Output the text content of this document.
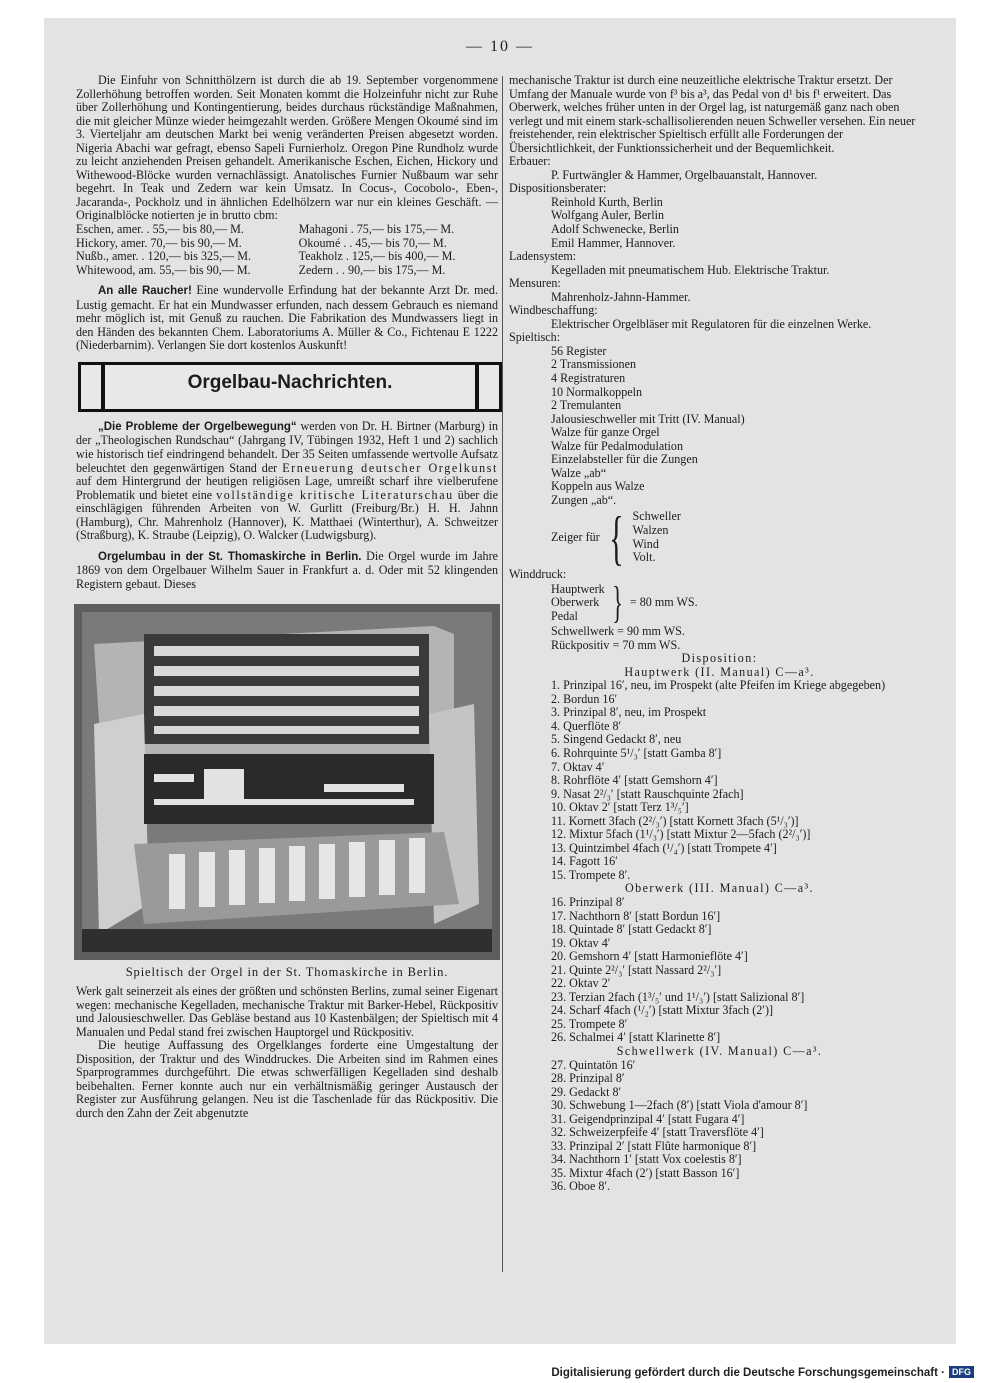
— 10 —

Die Einfuhr von Schnitthölzern ist durch die ab 19. September vorgenommene Zollerhöhung betroffen worden. Seit Monaten kommt die Holzeinfuhr nicht zur Ruhe über Zollerhöhung und Kontingentierung, beides durchaus rückständige Maßnahmen, die mit gleicher Münze wieder heimgezahlt werden. Größere Mengen Okoumé sind im 3. Vierteljahr am deutschen Markt bei wenig veränderten Preisen abgesetzt worden. Nigeria Abachi war gefragt, ebenso Sapeli Furnierholz. Oregon Pine Rundholz wurde zu leicht anziehenden Preisen gehandelt. Amerikanische Eschen, Eichen, Hickory und Withewood-Blöcke wurden vernachlässigt. Anatolisches Furnier Nußbaum war sehr begehrt. In Teak und Zedern war kein Umsatz. In Cocus-, Cocobolo-, Eben-, Jacaranda-, Pockholz und in ähnlichen Edelhölzern war nur ein kleines Geschäft. — Originalblöcke notierten je in brutto cbm:

Eschen, amer. . 55,— bis 80,— M.	Mahagoni . 75,— bis 175,— M.
Hickory, amer. 70,— bis 90,— M.	Okoumé . . 45,— bis 70,— M.
Nußb., amer. . 120,— bis 325,— M.	Teakholz . 125,— bis 400,— M.
Whitewood, am. 55,— bis 90,— M.	Zedern . . 90,— bis 175,— M.

An alle Raucher! Eine wundervolle Erfindung hat der bekannte Arzt Dr. med. Lustig gemacht. Er hat ein Mundwasser erfunden, nach dessem Gebrauch es niemand mehr möglich ist, mit Genuß zu rauchen. Die Fabrikation des Mundwassers liegt in den Händen des bekannten Chem. Laboratoriums A. Müller & Co., Fichtenau E 1222 (Niederbarnim). Verlangen Sie dort kostenlos Auskunft!

Orgelbau-Nachrichten.

„Die Probleme der Orgelbewegung“ werden von Dr. H. Birtner (Marburg) in der „Theologischen Rundschau“ (Jahrgang IV, Tübingen 1932, Heft 1 und 2) sachlich wie historisch tief eindringend behandelt. Der 35 Seiten umfassende wertvolle Aufsatz beleuchtet den gegenwärtigen Stand der Erneuerung deutscher Orgelkunst auf dem Hintergrund der heutigen religiösen Lage, umreißt scharf ihre vielberufene Problematik und bietet eine vollständige kritische Literaturschau über die einschlägigen führenden Arbeiten von W. Gurlitt (Freiburg/Br.) H. H. Jahnn (Hamburg), Chr. Mahrenholz (Hannover), K. Matthaei (Winterthur), A. Schweitzer (Straßburg), K. Straube (Leipzig), O. Walcker (Ludwigsburg).

Orgelumbau in der St. Thomaskirche in Berlin. Die Orgel wurde im Jahre 1869 von dem Orgelbauer Wilhelm Sauer in Frankfurt a. d. Oder mit 52 klingenden Registern gebaut. Dieses

Spieltisch der Orgel in der St. Thomaskirche in Berlin.

Werk galt seinerzeit als eines der größten und schönsten Berlins, zumal seiner Eigenart wegen: mechanische Kegelladen, mechanische Traktur mit Barker-Hebel, Rückpositiv und Jalousieschweller. Das Gebläse bestand aus 10 Kastenbälgen; der Spieltisch mit 4 Manualen und Pedal stand frei zwischen Hauptorgel und Rückpositiv.

Die heutige Auffassung des Orgelklanges forderte eine Umgestaltung der Disposition, der Traktur und des Winddruckes. Die Arbeiten sind im Rahmen eines Sparprogrammes durchgeführt. Die etwas schwerfälligen Kegelladen sind deshalb beibehalten. Ferner konnte auch nur ein verhältnismäßig geringer Austausch der Register zur Ausführung gelangen. Neu ist die Taschenlade für das Rückpositiv. Die durch den Zahn der Zeit abgenutzte

mechanische Traktur ist durch eine neuzeitliche elektrische Traktur ersetzt. Der Umfang der Manuale wurde von f³ bis a³, das Pedal von d¹ bis f¹ erweitert. Das Oberwerk, welches früher unten in der Orgel lag, ist naturgemäß ganz nach oben verlegt und mit einem stark-schallisolierenden neuen Schweller versehen. Ein neuer freistehender, rein elektrischer Spieltisch erfüllt alle Forderungen der Übersichtlichkeit, der Funktionssicherheit und der Bequemlichkeit.

Erbauer:

P. Furtwängler & Hammer, Orgelbauanstalt, Hannover.

Dispositionsberater:

Reinhold Kurth, Berlin

Wolfgang Auler, Berlin

Adolf Schwenecke, Berlin

Emil Hammer, Hannover.

Ladensystem:

Kegelladen mit pneumatischem Hub. Elektrische Traktur.

Mensuren:

Mahrenholz-Jahnn-Hammer.

Windbeschaffung:

Elektrischer Orgelbläser mit Regulatoren für die einzelnen Werke.

Spieltisch:

56 Register

2 Transmissionen

4 Registraturen

10 Normalkoppeln

2 Tremulanten

Jalousieschweller mit Tritt (IV. Manual)

Walze für ganze Orgel

Walze für Pedalmodulation

Einzelabsteller für die Zungen

Walze „ab“

Koppeln aus Walze

Zungen „ab“.

Zeiger für { Schweller

Walzen

Wind

Volt.

Winddruck:

Hauptwerk

Oberwerk

Pedal } = 80 mm WS.

Schwellwerk = 90 mm WS.

Rückpositiv = 70 mm WS.

Disposition:

Hauptwerk (II. Manual) C—a³.

1. Prinzipal 16′, neu, im Prospekt (alte Pfeifen im Kriege abgegeben)

2. Bordun 16′

3. Prinzipal 8′, neu, im Prospekt

4. Querflöte 8′

5. Singend Gedackt 8′, neu

6. Rohrquinte 5¹/₃′ [statt Gamba 8′]

7. Oktav 4′

8. Rohrflöte 4′ [statt Gemshorn 4′]

9. Nasat 2²/₃′ [statt Rauschquinte 2fach]

10. Oktav 2′ [statt Terz 1³/₅′]

11. Kornett 3fach (2²/₃′) [statt Kornett 3fach (5¹/₃′)]

12. Mixtur 5fach (1¹/₃′) [statt Mixtur 2—5fach (2²/₃′)]

13. Quintzimbel 4fach (¹/₄′) [statt Trompete 4′]

14. Fagott 16′

15. Trompete 8′.

Oberwerk (III. Manual) C—a³.

16. Prinzipal 8′

17. Nachthorn 8′ [statt Bordun 16′]

18. Quintade 8′ [statt Gedackt 8′]

19. Oktav 4′

20. Gemshorn 4′ [statt Harmonieflöte 4′]

21. Quinte 2²/₃′ [statt Nassard 2²/₃′]

22. Oktav 2′

23. Terzian 2fach (1³/₅′ und 1¹/₃′) [statt Salizional 8′]

24. Scharf 4fach (¹/₂′) [statt Mixtur 3fach (2′)]

25. Trompete 8′

26. Schalmei 4′ [statt Klarinette 8′]

Schwellwerk (IV. Manual) C—a³.

27. Quintatön 16′

28. Prinzipal 8′

29. Gedackt 8′

30. Schwebung 1—2fach (8′) [statt Viola d'amour 8′]

31. Geigendprinzipal 4′ [statt Fugara 4′]

32. Schweizerpfeife 4′ [statt Traversflöte 4′]

33. Prinzipal 2′ [statt Flûte harmonique 8′]

34. Nachthorn 1′ [statt Vox coelestis 8′]

35. Mixtur 4fach (2′) [statt Basson 16′]

36. Oboe 8′.

Digitalisierung gefördert durch die Deutsche Forschungsgemeinschaft · DFG
